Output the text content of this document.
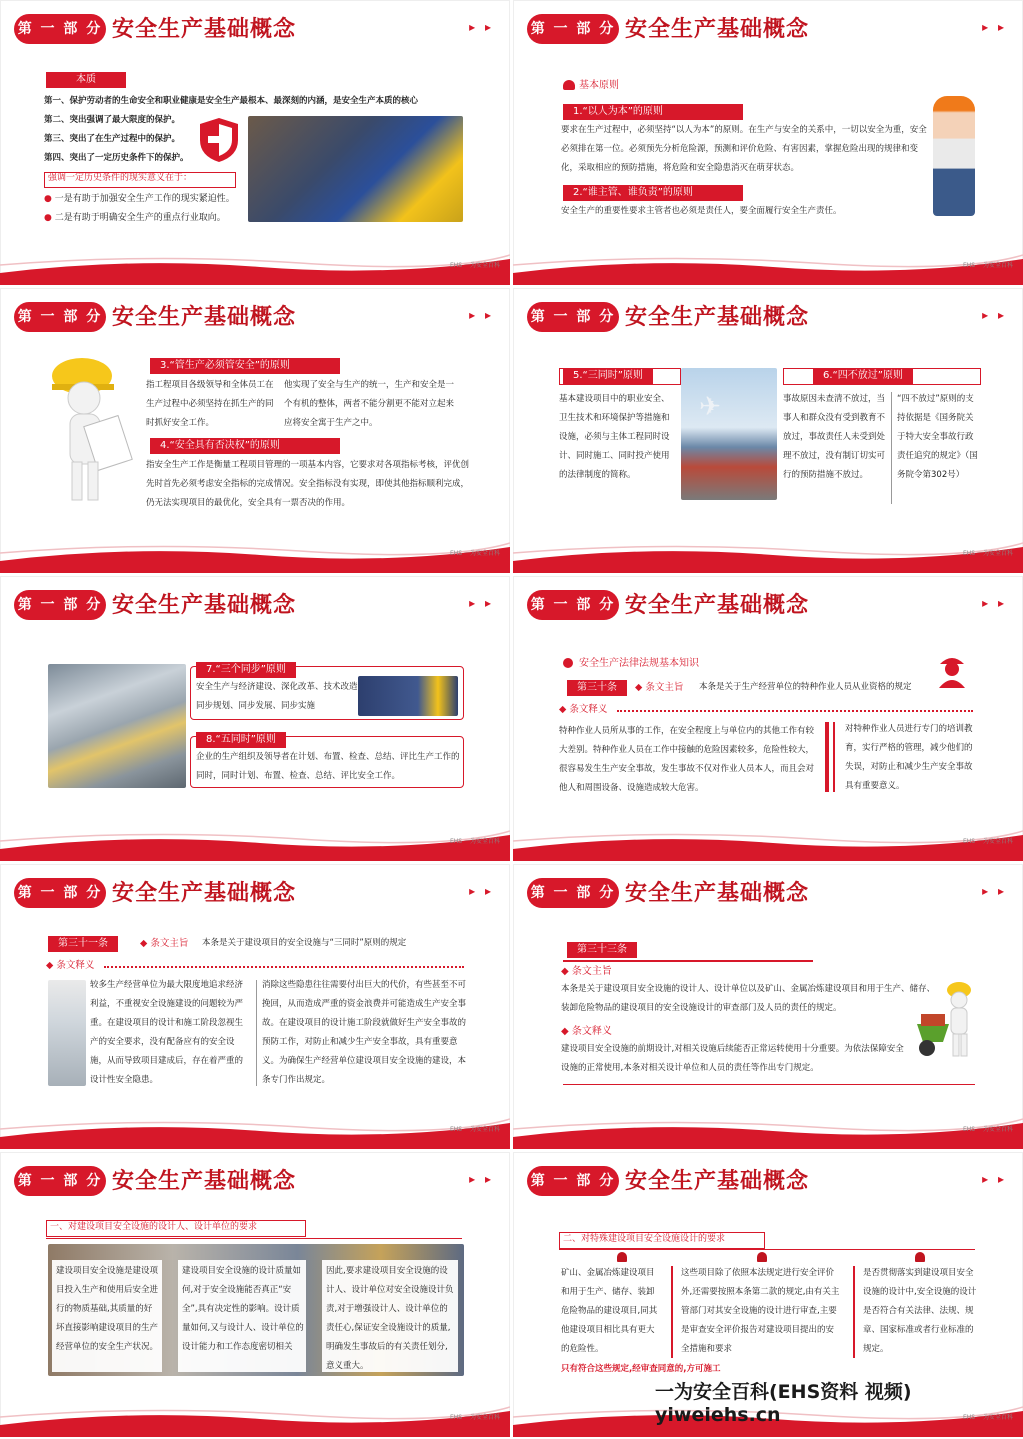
第 一 部 分 安全生产基础概念	▸ ▸
本质
第一、保护劳动者的生命安全和职业健康是安全生产最根本、最深刻的内涵，是安全生产本质的核心
第二、突出强调了最大限度的保护。
第三、突出了在生产过程中的保护。
第四、突出了一定历史条件下的保护。
强调一定历史条件的现实意义在于：
● 一是有助于加强安全生产工作的现实紧迫性。
● 二是有助于明确安全生产的重点行业取向。
EHS 一为安全百科
第 一 部 分 安全生产基础概念	▸ ▸
基本原则
1.“以人为本”的原则
要求在生产过程中，必须坚持“以人为本”的原则。在生产与安全的关系中，一切以安全为重，安全必须排在第一位。必须预先分析危险源，预测和评价危险、有害因素，掌握危险出现的规律和变化，采取相应的预防措施，将危险和安全隐患消灭在萌芽状态。
2.“谁主管、谁负责”的原则
安全生产的重要性要求主管者也必须是责任人，要全面履行安全生产责任。
EHS 一为安全百科
第 一 部 分 安全生产基础概念	▸ ▸
3.“管生产必须管安全”的原则
指工程项目各级领导和全体员工在生产过程中必须坚持在抓生产的同时抓好安全工作。
他实现了安全与生产的统一，生产和安全是一个有机的整体，两者不能分割更不能对立起来应将安全寓于生产之中。
4.“安全具有否决权”的原则
指安全生产工作是衡量工程项目管理的一项基本内容，它要求对各项指标考核，评优创先时首先必须考虑安全指标的完成情况。安全指标没有实现，即使其他指标顺利完成，仍无法实现项目的最优化，安全具有一票否决的作用。
EHS 一为安全百科
第 一 部 分 安全生产基础概念	▸ ▸
5.“三同时”原则
基本建设项目中的职业安全、卫生技术和环境保护等措施和设施，必须与主体工程同时设计、同时施工、同时投产使用的法律制度的简称。
✈
6.“四不放过”原则
事故原因未查清不放过，当事人和群众没有受到教育不放过，事故责任人未受到处理不放过，没有制订切实可行的预防措施不放过。
“四不放过”原则的支持依据是《国务院关于特大安全事故行政责任追究的规定》（国务院令第302号）
EHS 一为安全百科
第 一 部 分 安全生产基础概念	▸ ▸
7.“三个同步”原则
安全生产与经济建设、深化改革、技术改造同步规划、同步发展、同步实施
8.“五同时”原则
企业的生产组织及领导者在计划、布置、检查、总结、评比生产工作的同时，同时计划、布置、检查、总结、评比安全工作。
EHS 一为安全百科
第 一 部 分 安全生产基础概念	▸ ▸
安全生产法律法规基本知识
第三十条	◆ 条文主旨 本条是关于生产经营单位的特种作业人员从业资格的规定
◆ 条文释义
特种作业人员所从事的工作，在安全程度上与单位内的其他工作有较大差别。特种作业人员在工作中接触的危险因素较多，危险性较大，很容易发生生产安全事故，发生事故不仅对作业人员本人，而且会对他人和周围设备、设施造成较大危害。
对特种作业人员进行专门的培训教育，实行严格的管理，减少他们的失误，对防止和减少生产安全事故具有重要意义。
EHS 一为安全百科
第 一 部 分 安全生产基础概念	▸ ▸
第三十一条	◆ 条文主旨 本条是关于建设项目的安全设施与“三同时”原则的规定
◆ 条文释义
较多生产经营单位为最大限度地追求经济利益，不重视安全设施建设的问题较为严重。在建设项目的设计和施工阶段忽视生产的安全要求，没有配备应有的安全设施，从而导致项目建成后，存在着严重的设计性安全隐患。
消除这些隐患往往需要付出巨大的代价，有些甚至不可挽回，从而造成严重的资金浪费并可能造成生产安全事故。在建设项目的设计施工阶段就做好生产安全事故的预防工作，对防止和减少生产安全事故，具有重要意义。为确保生产经营单位建设项目安全设施的建设，本条专门作出规定。
EHS 一为安全百科
第 一 部 分 安全生产基础概念	▸ ▸
第三十三条
◆ 条文主旨
本条是关于建设项目安全设施的设计人、设计单位以及矿山、金属冶炼建设项目和用于生产、储存、装卸危险物品的建设项目的安全设施设计的审查部门及人员的责任的规定。
◆ 条文释义
建设项目安全设施的前期设计,对相关设施后续能否正常运转使用十分重要。为依法保障安全设施的正常使用,本条对相关设计单位和人员的责任等作出专门规定。
EHS 一为安全百科
第 一 部 分 安全生产基础概念	▸ ▸
一、对建设项目安全设施的设计人、设计单位的要求
建设项目安全设施是建设项目投入生产和使用后安全进行的物质基础,其质量的好坏直接影响建设项目的生产经营单位的安全生产状况。
建设项目安全设施的设计质量如何,对于安全设施能否真正“安全”,具有决定性的影响。设计质量如何,又与设计人、设计单位的设计能力和工作态度密切相关
因此,要求建设项目安全设施的设计人、设计单位对安全设施设计负责,对于增强设计人、设计单位的责任心,保证安全设施设计的质量,明确发生事故后的有关责任划分,意义重大。
EHS 一为安全百科
第 一 部 分 安全生产基础概念	▸ ▸
二、对特殊建设项目安全设施设计的要求
矿山、金属冶炼建设项目和用于生产、储存、装卸危险物品的建设项目,同其他建设项目相比具有更大的危险性。
这些项目除了依照本法规定进行安全评价外,还需要按照本条第二款的规定,由有关主管部门对其安全设施的设计进行审查,主要是审查安全评价报告对建设项目提出的安全措施和要求
是否贯彻落实到建设项目安全设施的设计中,安全设施的设计是否符合有关法律、法规、规章、国家标准或者行业标准的规定。
只有符合这些规定,经审查同意的,方可施工
EHS 一为安全百科
一为安全百科(EHS资料 视频) yiweiehs.cn
